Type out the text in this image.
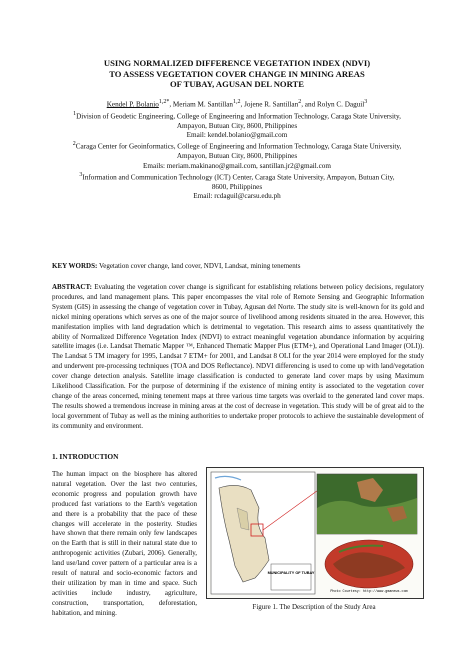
USING NORMALIZED DIFFERENCE VEGETATION INDEX (NDVI)
TO ASSESS VEGETATION COVER CHANGE IN MINING AREAS
OF TUBAY, AGUSAN DEL NORTE
Kendel P. Bolanio$^{1,2*}$, Meriam M. Santillan$^{1,2}$, Jojene R. Santillan$^2$, and Rolyn C. Daguil$^3$
$^1$Division of Geodetic Engineering, College of Engineering and Information Technology, Caraga State University,
Ampayon, Butuan City, 8600, Philippines
Email: kendel.bolanio@gmail.com
$^2$Caraga Center for Geoinformatics, College of Engineering and Information Technology, Caraga State University,
Ampayon, Butuan City, 8600, Philippines
Emails: meriam.makinano@gmail.com, santillan.jr2@gmail.com
$^3$Information and Communication Technology (ICT) Center, Caraga State University, Ampayon, Butuan City,
8600, Philippines
Email: rcdaguil@carsu.edu.ph
KEY WORDS: Vegetation cover change, land cover, NDVI, Landsat, mining tenements
ABSTRACT: Evaluating the vegetation cover change is significant for establishing relations between policy decisions, regulatory procedures, and land management plans. This paper encompasses the vital role of Remote Sensing and Geographic Information System (GIS) in assessing the change of vegetation cover in Tubay, Agusan del Norte. The study site is well-known for its gold and nickel mining operations which serves as one of the major source of livelihood among residents situated in the area. However, this manifestation implies with land degradation which is detrimental to vegetation. This research aims to assess quantitatively the ability of Normalized Difference Vegetation Index (NDVI) to extract meaningful vegetation abundance information by acquiring satellite images (i.e. Landsat Thematic Mapper ™, Enhanced Thematic Mapper Plus (ETM+), and Operational Land Imager (OLI)). The Landsat 5 TM imagery for 1995, Landsat 7 ETM+ for 2001, and Landsat 8 OLI for the year 2014 were employed for the study and underwent pre-processing techniques (TOA and DOS Reflectance). NDVI differencing is used to come up with land/vegetation cover change detection analysis. Satellite image classification is conducted to generate land cover maps by using Maximum Likelihood Classification. For the purpose of determining if the existence of mining entity is associated to the vegetation cover change of the areas concerned, mining tenement maps at three various time targets was overlaid to the generated land cover maps. The results showed a tremendous increase in mining areas at the cost of decrease in vegetation. This study will be of great aid to the local government of Tubay as well as the mining authorities to undertake proper protocols to achieve the sustainable development of its community and environment.
1. INTRODUCTION
The human impact on the biosphere has altered natural vegetation. Over the last two centuries, economic progress and population growth have produced fast variations to the Earth's vegetation and there is a probability that the pace of these changes will accelerate in the posterity. Studies have shown that there remain only few landscapes on the Earth that is still in their natural state due to anthropogenic activities (Zubari, 2006). Generally, land use/land cover pattern of a particular area is a result of natural and socio-economic factors and their utilization by man in time and space. Such activities include industry, agriculture, construction, transportation, deforestation, habitation, and mining.
MUNICIPALITY OF TUBAY
Photo Courtesy: http://www.gmanews.com
Figure 1. The Description of the Study Area
